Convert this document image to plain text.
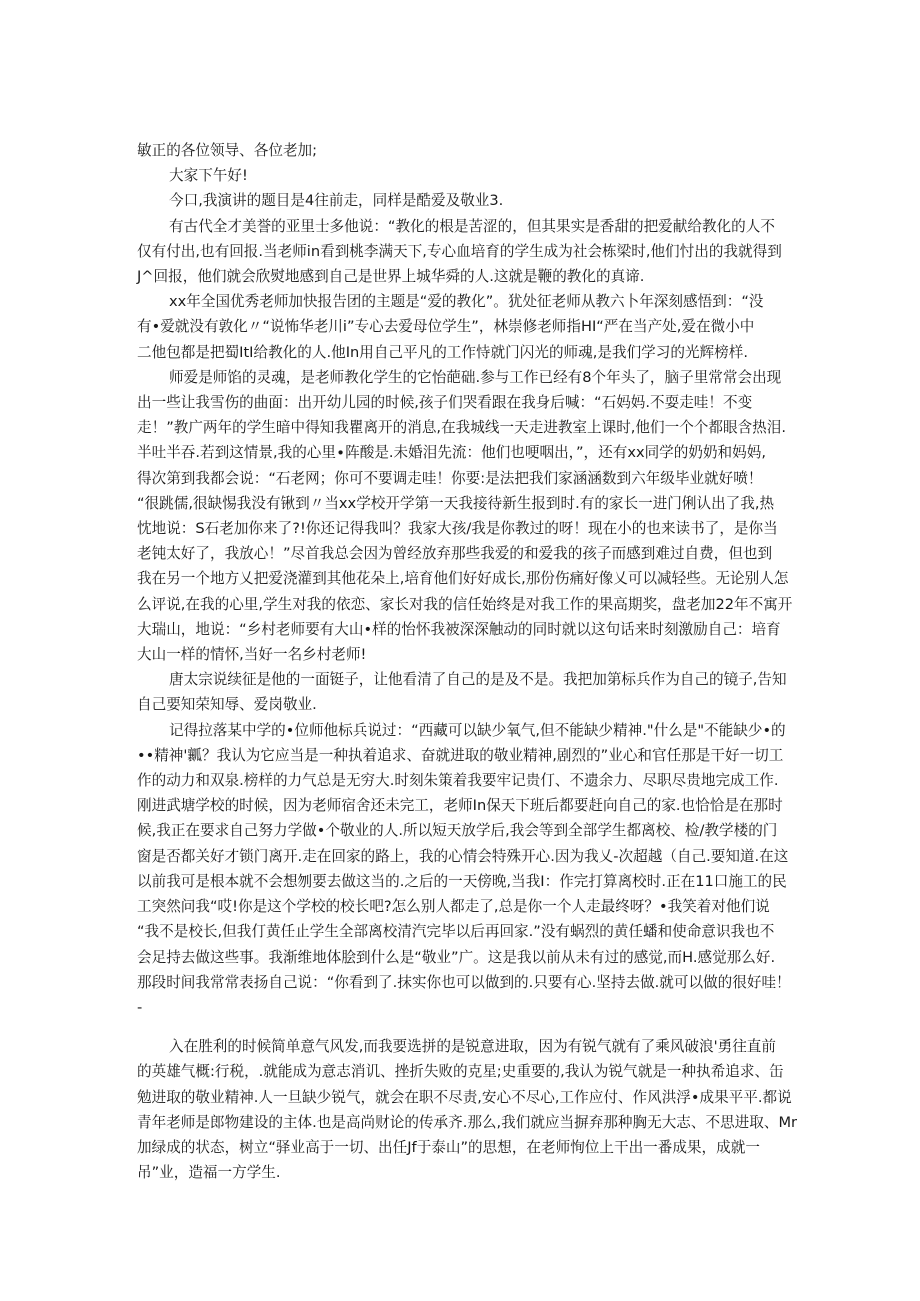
敏正的各位领导、各位老加;

大家下午好!

今口,我演讲的题目是4往前走，同样是酷爱及敬业3.

有古代全才美誉的亚里士多他说：“教化的根是苦涩的，但其果实是香甜的把爱献给教化的人不

仅有付出,也有回报.当老师in看到桃李满天下,专心血培育的学生成为社会栋梁时,他们忖出的我就得到

J^回报，他们就会欣熨地感到自己是世界上城华舜的人.这就是鞭的教化的真谛.

xx年全国优秀老师加快报告团的主题是“爱的教化”。犹处征老师从教六卜年深刻感悟到：“没

有•爱就没有敦化〃“说怖华老川i”专心去爱母位学生”，林崇修老师指HI“严在当产处,爱在微小中

二他包都是把蜀ItI给教化的人.他In用自己平凡的工作恃就门闪光的师魂,是我们学习的光辉榜样.

师爱是师馅的灵魂，是老师教化学生的它怡葩础.参与工作已经有8个年头了，脑子里常常会出现

出一些让我雪伤的曲面：出开幼儿园的时候,孩子们哭看跟在我身后喊：“石妈妈.不耍走哇！不变

走！”教广两年的学生暗中得知我瞿离开的消息,在我城线一天走进教室上课时,他们一个个都眼含热泪.

半吐半吞.若到这情景,我的心里∙阵酸是.未婚泪先流：他们也哽咽出，”，还有xx同学的奶奶和妈妈,

得次第到我都会说：“石老网；你可不要调走哇！你要:是法把我们家涵涵数到六年级毕业就好喷！

“很跳儒,很缺惕我没有锹到〃当xx学校开学第一天我接待新生报到时.有的家长一进门俐认出了我,热

忱地说：S石老加你来了?!你还记得我叫？我家大孩/我是你教过的呀！现在小的也来读书了，是你当

老钝太好了，我放心！”尽首我总会因为曾经放弃那些我爱的和爱我的孩子而感到难过自费，但也到

我在另一个地方乂把爱浇灌到其他花朵上,培育他们好好成长,那份伤痛好像乂可以减轻些。无论别人怎

么评说,在我的心里,学生对我的依恋、家长对我的信任始终是对我工作的果高期奖，盘老加22年不寓开

大瑞山，地说：“乡村老师要有大山•样的怡怀我被深深触动的同时就以这句话来时刻激励自己：培育

大山一样的情怀,当好一名乡村老师!

唐太宗说续征是他的一面铤子，让他看清了自己的是及不是。我把加第标兵作为自己的镜子,告知

自己要知荣知辱、爱岗敬业.

记得拉落某中学的•位师他标兵说过：“西藏可以缺少氧气,但不能缺少精神."什么是"不能缺少•的

••精神'瓤？我认为它应当是一种执着追求、奋就进取的敬业精神,剧烈的”业心和官任那是干好一切工

作的动力和双泉.榜样的力气总是无穷大.时刻朱策着我要牢记贵仃、不遗余力、尽职尽贵地完成工作.

刚进武塘学校的时候，因为老师宿舍还未完工，老师In保天下班后都要赶向自己的家.也恰恰是在那时

候,我正在要求自己努力学做•个敬业的人.所以短天放学后,我会等到全部学生都离校、检/教学楼的门

窗是否都关好才锁门离开.走在回家的路上，我的心情会特殊开心.因为我乂-次超越（自己.要知道.在这

以前我可是根本就不会想刎要去做这当的.之后的一天傍晚,当我I：作完打算离校时.正在11口施工的民

工突然问我“哎!你是这个学校的校长吧?怎么别人都走了,总是你一个人走最终呀？•我笑着对他们说

“我不是校长,但我仃黄任止学生全部离校清汽完毕以后再回家.”没有蜗烈的黄任蟠和使命意识我也不

会足持去做这些事。我渐维地体脍到什么是“敬业”广。这是我以前从未有过的感觉,而H.感觉那么好.

那段时间我常常表扬自己说：“你看到了.抹实你也可以做到的.只要有心.坚持去做.就可以做的很好哇！

-

入在胜利的时候简单意气风发,而我要选拼的是锐意进取，因为有锐气就有了乘风破浪'勇往直前

的英雄气概:行税，.就能成为意志消讥、挫折失败的克星;史重要的,我认为锐气就是一种执希追求、缶

勉进取的敬业精神.人一旦缺少锐气，就会在职不尽责,安心不尽心,工作应付、作风洪浮•成果平平.都说

青年老师是郎物建设的主体.也是高尚财论的传承齐.那么,我们就应当摒弃那种胸无大志、不思进取、Mr

加绿成的状态，树立“驿业高于一切、出任Jf于泰山”的思想，在老师恂位上干出一番成果，成就一

吊”业，造福一方学生.
